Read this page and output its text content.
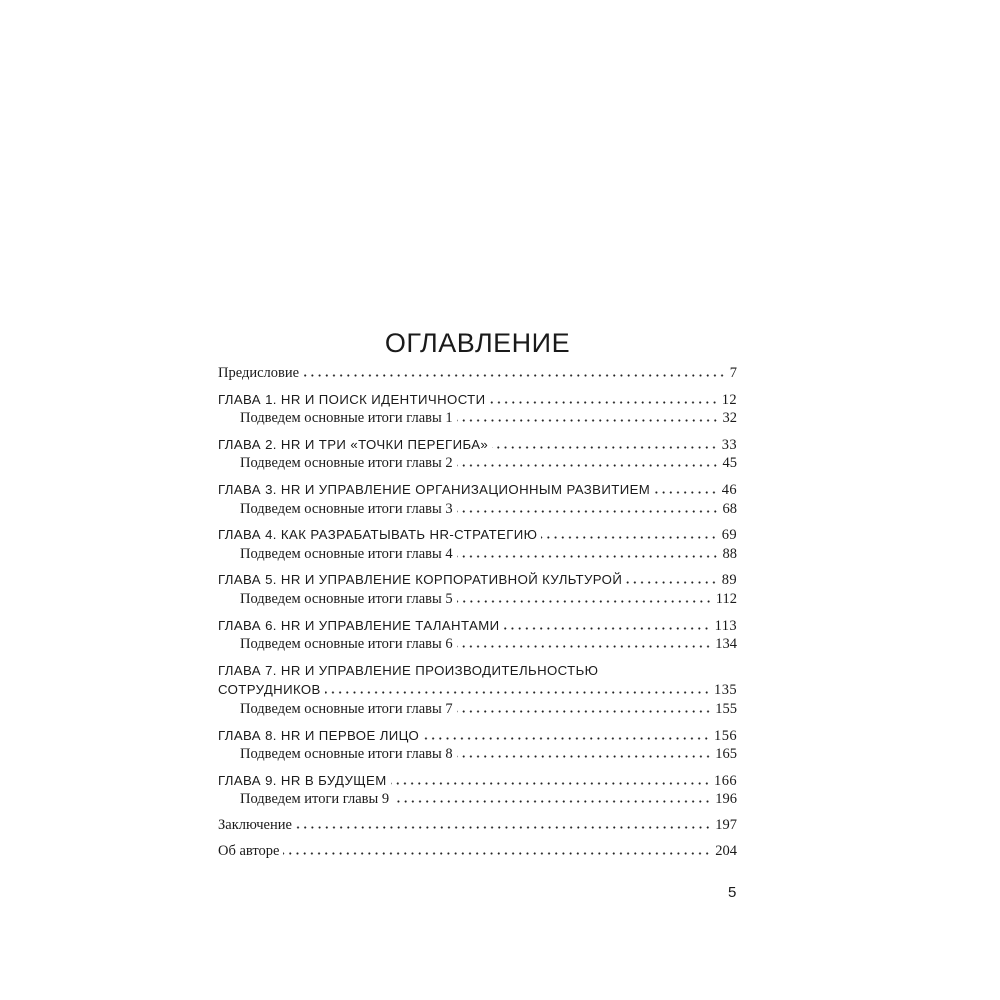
ОГЛАВЛЕНИЕ
Предисловие	7
ГЛАВА 1. HR И ПОИСК ИДЕНТИЧНОСТИ	12
Подведем основные итоги главы 1	32
ГЛАВА 2. HR И ТРИ «ТОЧКИ ПЕРЕГИБА»	33
Подведем основные итоги главы 2	45
ГЛАВА 3. HR И УПРАВЛЕНИЕ ОРГАНИЗАЦИОННЫМ РАЗВИТИЕМ	46
Подведем основные итоги главы 3	68
ГЛАВА 4. КАК РАЗРАБАТЫВАТЬ HR-СТРАТЕГИЮ	69
Подведем основные итоги главы 4	88
ГЛАВА 5. HR И УПРАВЛЕНИЕ КОРПОРАТИВНОЙ КУЛЬТУРОЙ	89
Подведем основные итоги главы 5	112
ГЛАВА 6. HR И УПРАВЛЕНИЕ ТАЛАНТАМИ	113
Подведем основные итоги главы 6	134
ГЛАВА 7. HR И УПРАВЛЕНИЕ ПРОИЗВОДИТЕЛЬНОСТЬЮ
СОТРУДНИКОВ	135
Подведем основные итоги главы 7	155
ГЛАВА 8. HR И ПЕРВОЕ ЛИЦО	156
Подведем основные итоги главы 8	165
ГЛАВА 9. HR В БУДУЩЕМ	166
Подведем итоги главы 9	196
Заключение	197
Об авторе	204
5
